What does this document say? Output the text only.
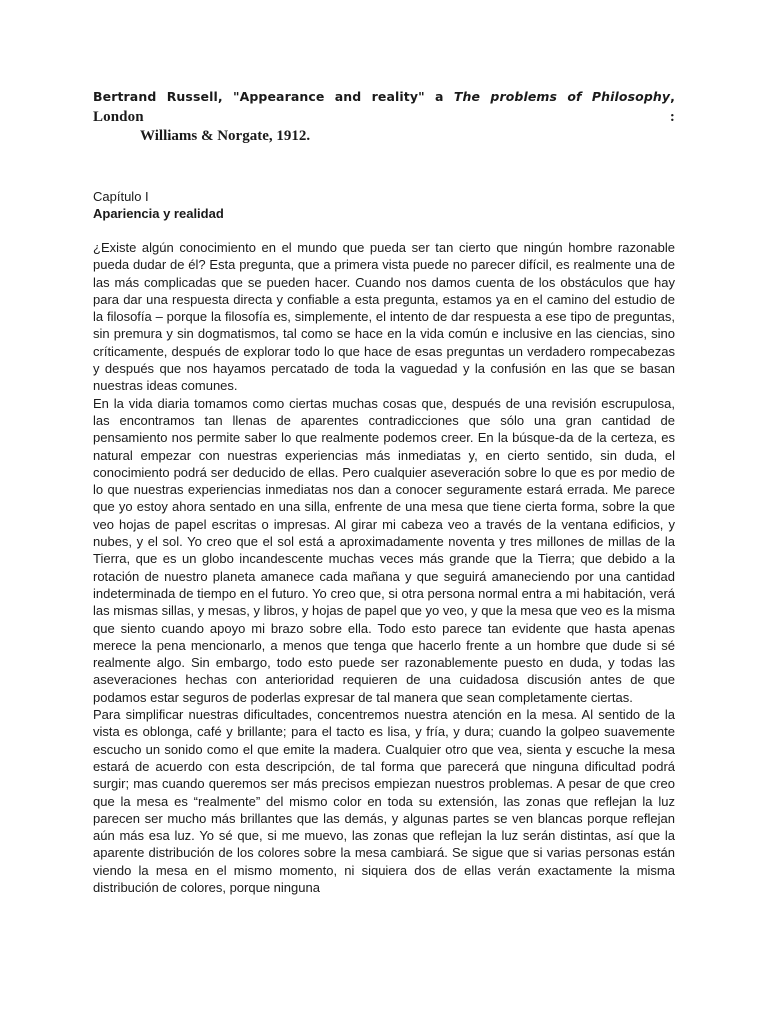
Bertrand Russell, "Appearance and reality" a The problems of Philosophy, London :

Williams & Norgate, 1912.

Capítulo I
Apariencia y realidad

¿Existe algún conocimiento en el mundo que pueda ser tan cierto que ningún hombre razonable pueda dudar de él? Esta pregunta, que a primera vista puede no parecer difícil, es realmente una de las más complicadas que se pueden hacer. Cuando nos damos cuenta de los obstáculos que hay para dar una respuesta directa y confiable a esta pregunta, estamos ya en el camino del estudio de la filosofía – porque la filosofía es, simplemente, el intento de dar respuesta a ese tipo de preguntas, sin premura y sin dogmatismos, tal como se hace en la vida común e inclusive en las ciencias, sino críticamente, después de explorar todo lo que hace de esas preguntas un verdadero rompecabezas y después que nos hayamos percatado de toda la vaguedad y la confusión en las que se basan nuestras ideas comunes.

En la vida diaria tomamos como ciertas muchas cosas que, después de una revisión escrupulosa, las encontramos tan llenas de aparentes contradicciones que sólo una gran cantidad de pensamiento nos permite saber lo que realmente podemos creer. En la búsque-da de la certeza, es natural empezar con nuestras experiencias más inmediatas y, en cierto sentido, sin duda, el conocimiento podrá ser deducido de ellas. Pero cualquier aseveración sobre lo que es por medio de lo que nuestras experiencias inmediatas nos dan a conocer seguramente estará errada. Me parece que yo estoy ahora sentado en una silla, enfrente de una mesa que tiene cierta forma, sobre la que veo hojas de papel escritas o impresas. Al girar mi cabeza veo a través de la ventana edificios, y nubes, y el sol. Yo creo que el sol está a aproximadamente noventa y tres millones de millas de la Tierra, que es un globo incandescente muchas veces más grande que la Tierra; que debido a la rotación de nuestro planeta amanece cada mañana y que seguirá amaneciendo por una cantidad indeterminada de tiempo en el futuro. Yo creo que, si otra persona normal entra a mi habitación, verá las mismas sillas, y mesas, y libros, y hojas de papel que yo veo, y que la mesa que veo es la misma que siento cuando apoyo mi brazo sobre ella. Todo esto parece tan evidente que hasta apenas merece la pena mencionarlo, a menos que tenga que hacerlo frente a un hombre que dude si sé realmente algo. Sin embargo, todo esto puede ser razonablemente puesto en duda, y todas las aseveraciones hechas con anterioridad requieren de una cuidadosa discusión antes de que podamos estar seguros de poderlas expresar de tal manera que sean completamente ciertas.

Para simplificar nuestras dificultades, concentremos nuestra atención en la mesa. Al sentido de la vista es oblonga, café y brillante; para el tacto es lisa, y fría, y dura; cuando la golpeo suavemente escucho un sonido como el que emite la madera. Cualquier otro que vea, sienta y escuche la mesa estará de acuerdo con esta descripción, de tal forma que parecerá que ninguna dificultad podrá surgir; mas cuando queremos ser más precisos empiezan nuestros problemas. A pesar de que creo que la mesa es “realmente” del mismo color en toda su extensión, las zonas que reflejan la luz parecen ser mucho más brillantes que las demás, y algunas partes se ven blancas porque reflejan aún más esa luz. Yo sé que, si me muevo, las zonas que reflejan la luz serán distintas, así que la aparente distribución de los colores sobre la mesa cambiará. Se sigue que si varias personas están viendo la mesa en el mismo momento, ni siquiera dos de ellas verán exactamente la misma distribución de colores, porque ninguna
